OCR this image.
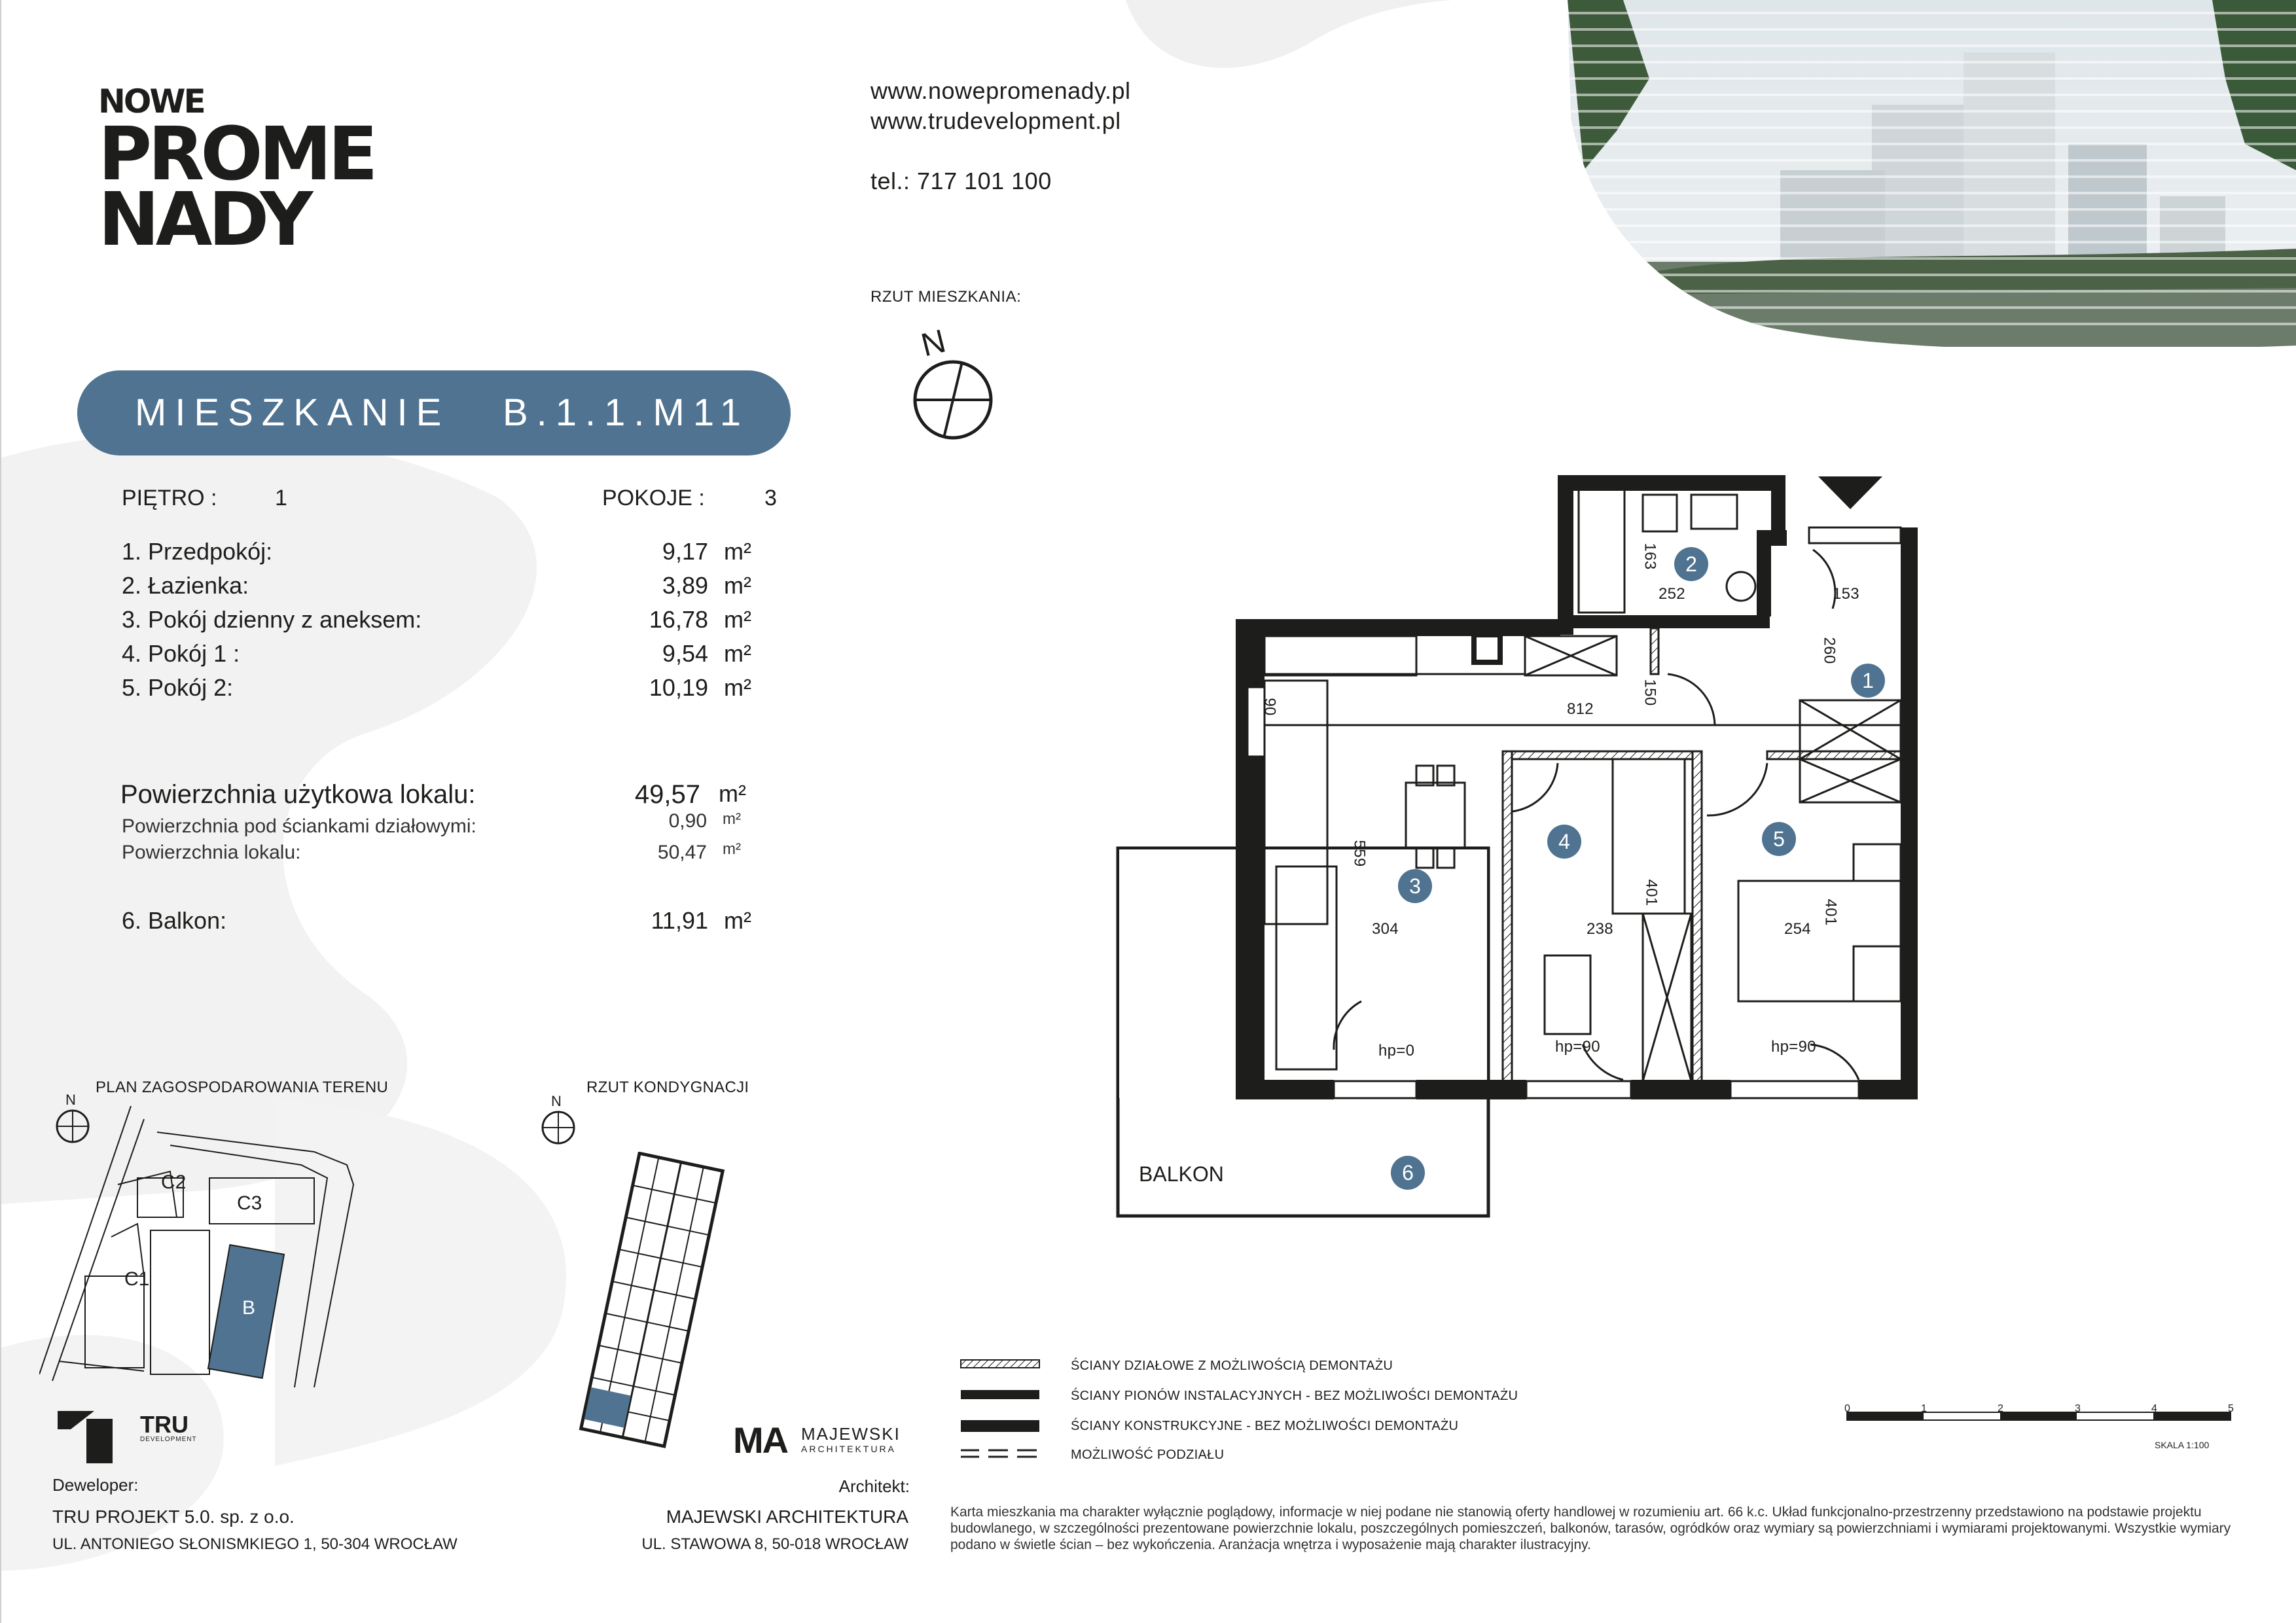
NOWE
PROME
NADY
www.nowepromenady.pl
www.trudevelopment.pl
tel.: 717 101 100
RZUT MIESZKANIA:
N
MIESZKANIE B.1.1.M11
PIĘTRO :	1	POKOJE :	3
1. Przedpokój:	9,17 m²
2. Łazienka:	3,89 m²
3. Pokój dzienny z aneksem:	16,78 m²
4. Pokój 1 :	9,54 m²
5. Pokój 2:	10,19 m²
Powierzchnia użytkowa lokalu:	49,57 m²
Powierzchnia pod ściankami działowymi:	0,90 m²
Powierzchnia lokalu:	50,47 m²
6. Balkon:	11,91 m²
1
2
3
4	5
6
163
252	153
260
812
150
90
559
304	238	254
401
401
hp=0	hp=90	hp=90
BALKON
PLAN ZAGOSPODAROWANIA TERENU
N
C2
C3
C1
B
RZUT KONDYGNACJI
N
ŚCIANY DZIAŁOWE Z MOŻLIWOŚCIĄ DEMONTAŻU
ŚCIANY PIONÓW INSTALACYJNYCH - BEZ MOŻLIWOŚCI DEMONTAŻU
ŚCIANY KONSTRUKCYJNE - BEZ MOŻLIWOŚCI DEMONTAŻU
MOŻLIWOŚĆ PODZIAŁU
0	1	2	3	4	5
SKALA 1:100
TRU
DEVELOPMENT
Deweloper:
TRU PROJEKT 5.0. sp. z o.o.
UL. ANTONIEGO SŁONISMKIEGO 1, 50-304 WROCŁAW
MA MAJEWSKI
ARCHITEKTURA
Architekt:
MAJEWSKI ARCHITEKTURA
UL. STAWOWA 8, 50-018 WROCŁAW
Karta mieszkania ma charakter wyłącznie poglądowy, informacje w niej podane nie stanowią oferty handlowej w rozumieniu art. 66 k.c. Układ funkcjonalno-przestrzenny przedstawiono na podstawie projektu budowlanego, w szczególności prezentowane powierzchnie lokalu, poszczególnych pomieszczeń, balkonów, tarasów, ogródków oraz wymiary są powierzchniami i wymiarami projektowanymi. Wszystkie wymiary podano w świetle ścian – bez wykończenia. Aranżacja wnętrza i wyposażenie mają charakter ilustracyjny.
